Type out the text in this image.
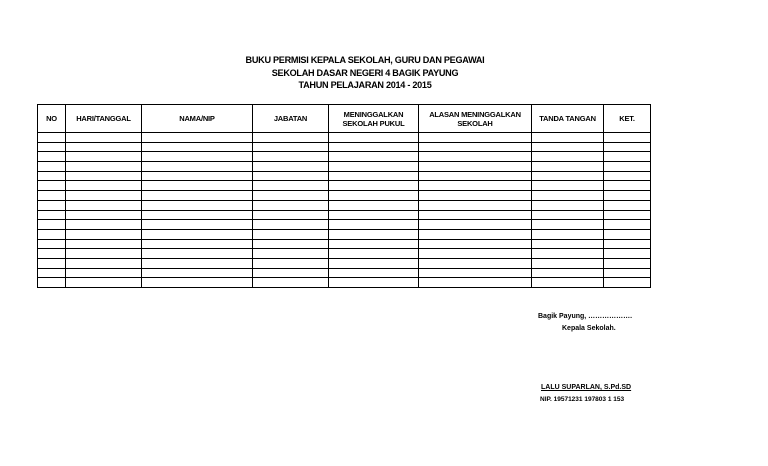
BUKU PERMISI KEPALA SEKOLAH, GURU DAN PEGAWAI
SEKOLAH DASAR NEGERI 4 BAGIK PAYUNG
TAHUN PELAJARAN 2014 - 2015
NO	HARI/TANGGAL	NAMA/NIP	JABATAN	MENINGGALKAN SEKOLAH PUKUL	ALASAN MENINGGALKAN SEKOLAH	TANDA TANGAN	KET.

Bagik Payung, ……………….
Kepala Sekolah.
LALU SUPARLAN, S.Pd.SD
NIP. 19571231 197803 1 153
